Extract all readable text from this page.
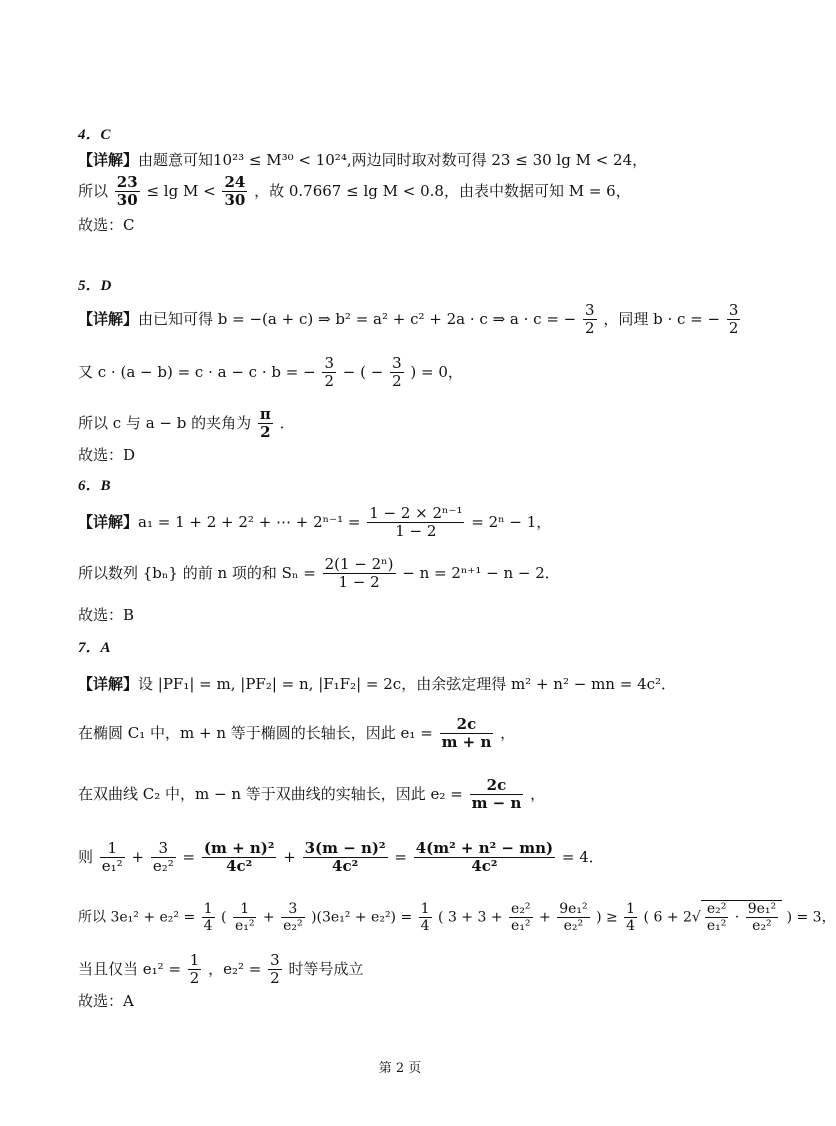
4．C
【详解】由题意可知10²³ ≤ M³⁰ < 10²⁴,两边同时取对数可得 23 ≤ 30 lg M < 24，
所以 $\frac{23}{30} \le \lg M < \frac{24}{30}$ ，故 0.7667 ≤ lg M < 0.8，由表中数据可知 M = 6，
故选：C
5．D
【详解】由已知可得 b = −(a + c) ⇒ b² = a² + c² + 2a · c ⇒ a · c = − $\frac{3}{2}$ ，同理 b · c = − $\frac{3}{2}$
又 c · (a − b) = c · a − c · b = − $\frac{3}{2}$ − ( − $\frac{3}{2}$ ) = 0，
所以 c 与 a − b 的夹角为 $\frac{\pi}{2}$ ．
故选：D
6．B
【详解】a₁ = 1 + 2 + 2² + ⋯ + $2^{n-1} = \frac{\text{1 − 2 × 2ⁿ⁻¹}}{1 - 2} = 2^n - 1$，
所以数列 {bₙ} 的前 n 项的和 $S_n = \frac{\text{2(1 − 2ⁿ)}}{1 - 2} - n = 2^{n+1} - n - 2$．
故选：B
7．A
【详解】设 |PF₁| = m, |PF₂| = n, |F₁F₂| = 2c，由余弦定理得 m² + n² − mn = 4c²．
在椭圆 C₁ 中，m + n 等于椭圆的长轴长，因此 $e_1 = \frac{2c}{m + n}$ ，
在双曲线 C₂ 中，m − n 等于双曲线的实轴长，因此 $e_2 = \frac{2c}{m - n}$ ，
则 $\frac{1}{\text{e₁²}} + \frac{3}{\text{e₂²}} = \frac{\text{(m + n)²}}{\text{4c²}} + \frac{\text{3(m − n)²}}{\text{4c²}} = \frac{\text{4(m² + n² − mn)}}{\text{4c²}} = 4$．
所以 $3e_1^2 + e_2^2 = \frac{1}{4}$ ( $\frac{1}{\text{e₁²}} + \frac{3}{\text{e₂²}} )(3e_1^2 + e_2^2) = \frac{1}{4}$ ( $3 + 3 + \frac{\text{e₂²}}{\text{e₁²}} + \frac{\text{9e₁²}}{\text{e₂²}}$ ) ≥ $\frac{1}{4}$ ( $6 + 2√ \frac{\text{e₂²}}{\text{e₁²}} \cdot \frac{\text{9e₁²}}{\text{e₂²}}$ ) = 3，
当且仅当 $e_1^2 = \frac{1}{2}$ ，$e_2^2 = \frac{3}{2}$ 时等号成立
故选：A
第 2 页
